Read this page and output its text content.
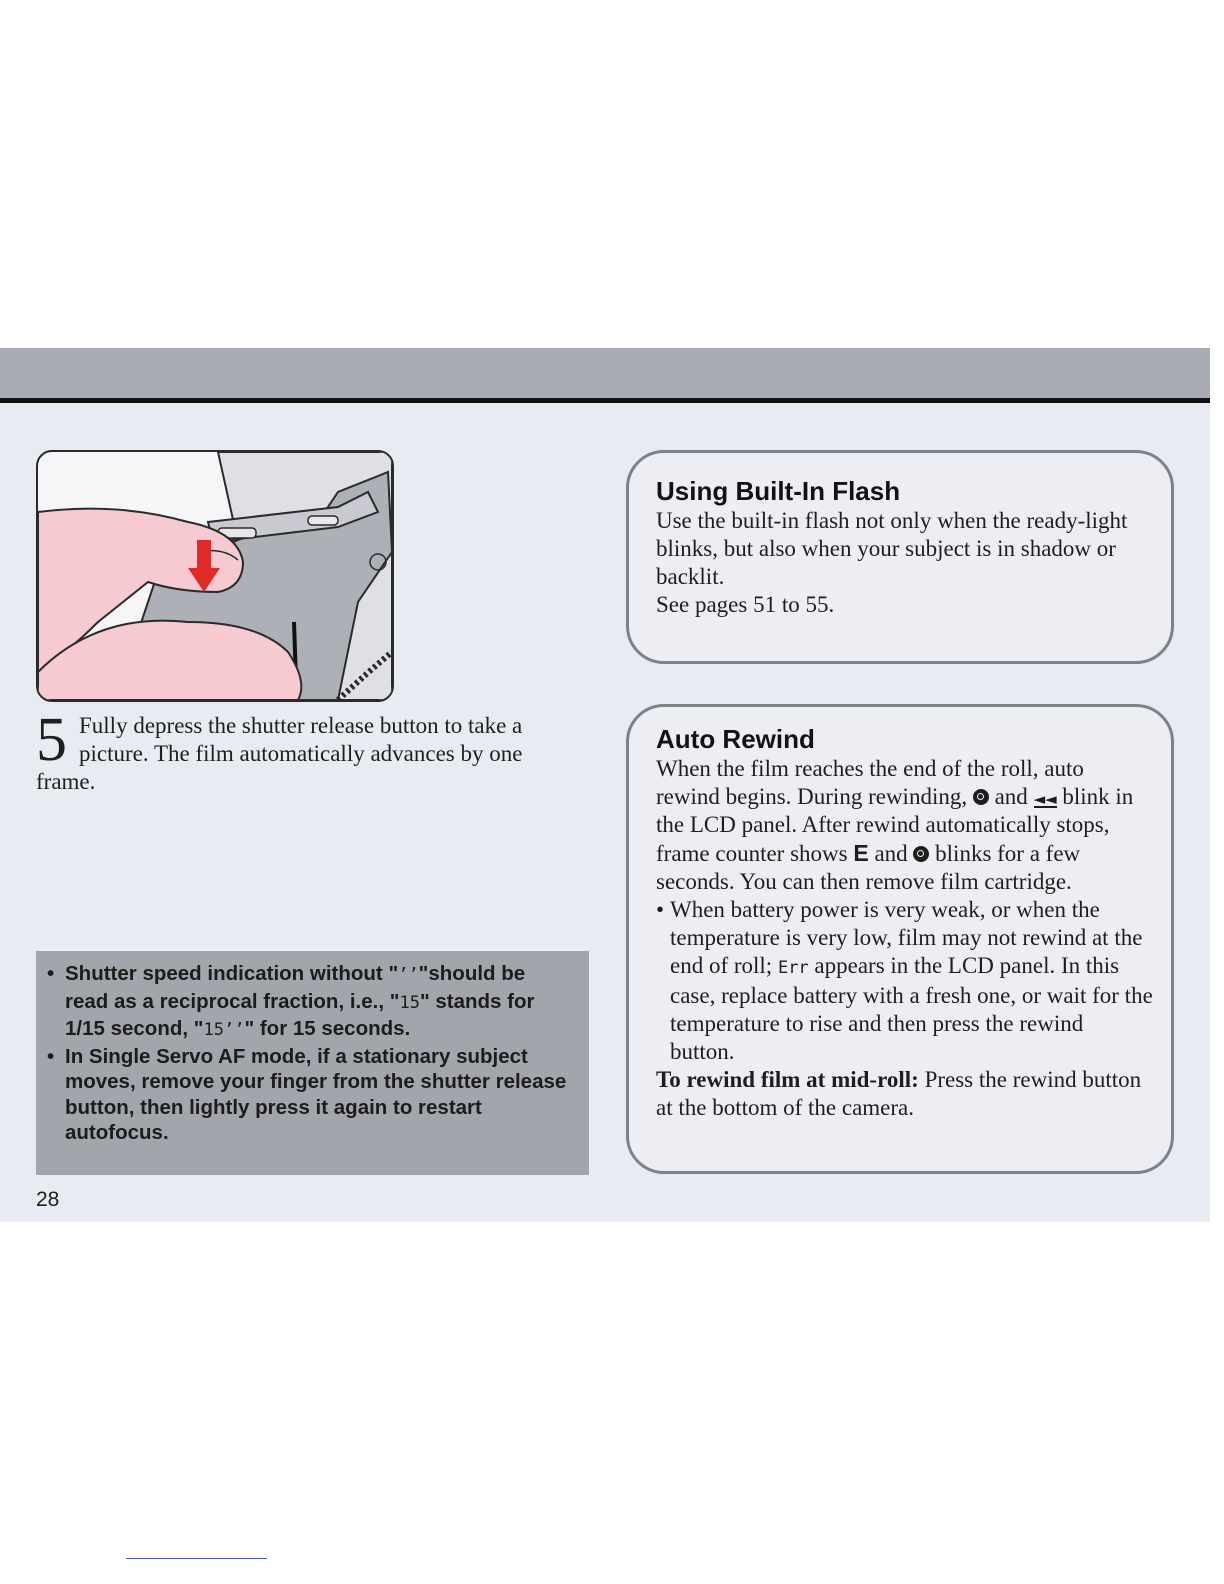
5 Fully depress the shutter release button to take a picture. The film automatically advances by one frame.
• Shutter speed indication without "’’"should be read as a reciprocal fraction, i.e., "15" stands for 1/15 second, "15’’" for 15 seconds.
• In Single Servo AF mode, if a stationary subject moves, remove your finger from the shutter release button, then lightly press it again to restart autofocus.
28
Using Built-In Flash

Use the built-in flash not only when the ready-light blinks, but also when your subject is in shadow or backlit.

See pages 51 to 55.

Auto Rewind

When the film reaches the end of the roll, auto rewind begins. During rewinding, and ◄◄ blink in the LCD panel. After rewind automatically stops, frame counter shows E and blinks for a few seconds. You can then remove film cartridge.

• When battery power is very weak, or when the temperature is very low, film may not rewind at the end of roll; Err appears in the LCD panel. In this case, replace battery with a fresh one, or wait for the temperature to rise and then press the rewind button.

To rewind film at mid-roll: Press the rewind button at the bottom of the camera.
